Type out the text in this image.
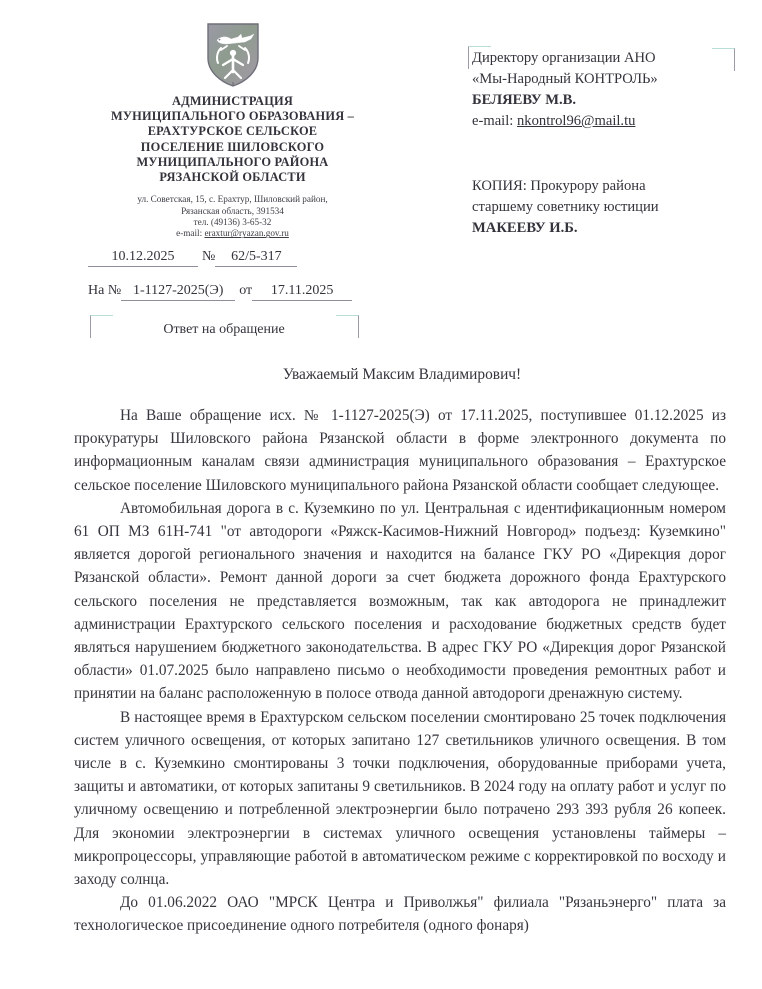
АДМИНИСТРАЦИЯ
МУНИЦИПАЛЬНОГО ОБРАЗОВАНИЯ –
ЕРАХТУРСКОЕ СЕЛЬСКОЕ
ПОСЕЛЕНИЕ ШИЛОВСКОГО
МУНИЦИПАЛЬНОГО РАЙОНА
РЯЗАНСКОЙ ОБЛАСТИ
ул. Советская, 15, с. Ерахтур, Шиловский район,
Рязанская область, 391534
тел. (49136) 3-65-32
e-mail: eraxtur@ryazan.gov.ru
10.12.2025 № 62/5-317
На № 1-1127-2025(Э) от 17.11.2025
Директору организации АНО
«Мы-Народный КОНТРОЛЬ»
БЕЛЯЕВУ М.В.
e-mail: nkontrol96@mail.tu
КОПИЯ: Прокурору района
старшему советнику юстиции
МАКЕЕВУ И.Б.
Ответ на обращение
Уважаемый Максим Владимирович!

На Ваше обращение исх. № 1-1127-2025(Э) от 17.11.2025, поступившее 01.12.2025 из прокуратуры Шиловского района Рязанской области в форме электронного документа по информационным каналам связи администрация муниципального образования – Ерахтурское сельское поселение Шиловского муниципального района Рязанской области сообщает следующее.

Автомобильная дорога в с. Куземкино по ул. Центральная с идентификационным номером 61 ОП МЗ 61Н-741 "от автодороги «Ряжск-Касимов-Нижний Новгород» подъезд: Куземкино" является дорогой регионального значения и находится на балансе ГКУ РО «Дирекция дорог Рязанской области». Ремонт данной дороги за счет бюджета дорожного фонда Ерахтурского сельского поселения не представляется возможным, так как автодорога не принадлежит администрации Ерахтурского сельского поселения и расходование бюджетных средств будет являться нарушением бюджетного законодательства. В адрес ГКУ РО «Дирекция дорог Рязанской области» 01.07.2025 было направлено письмо о необходимости проведения ремонтных работ и принятии на баланс расположенную в полосе отвода данной автодороги дренажную систему.

В настоящее время в Ерахтурском сельском поселении смонтировано 25 точек подключения систем уличного освещения, от которых запитано 127 светильников уличного освещения. В том числе в с. Куземкино смонтированы 3 точки подключения, оборудованные приборами учета, защиты и автоматики, от которых запитаны 9 светильников. В 2024 году на оплату работ и услуг по уличному освещению и потребленной электроэнергии было потрачено 293 393 рубля 26 копеек. Для экономии электроэнергии в системах уличного освещения установлены таймеры – микропроцессоры, управляющие работой в автоматическом режиме с корректировкой по восходу и заходу солнца.

До 01.06.2022 ОАО "МРСК Центра и Приволжья" филиала "Рязаньэнерго" плата за технологическое присоединение одного потребителя (одного фонаря)
